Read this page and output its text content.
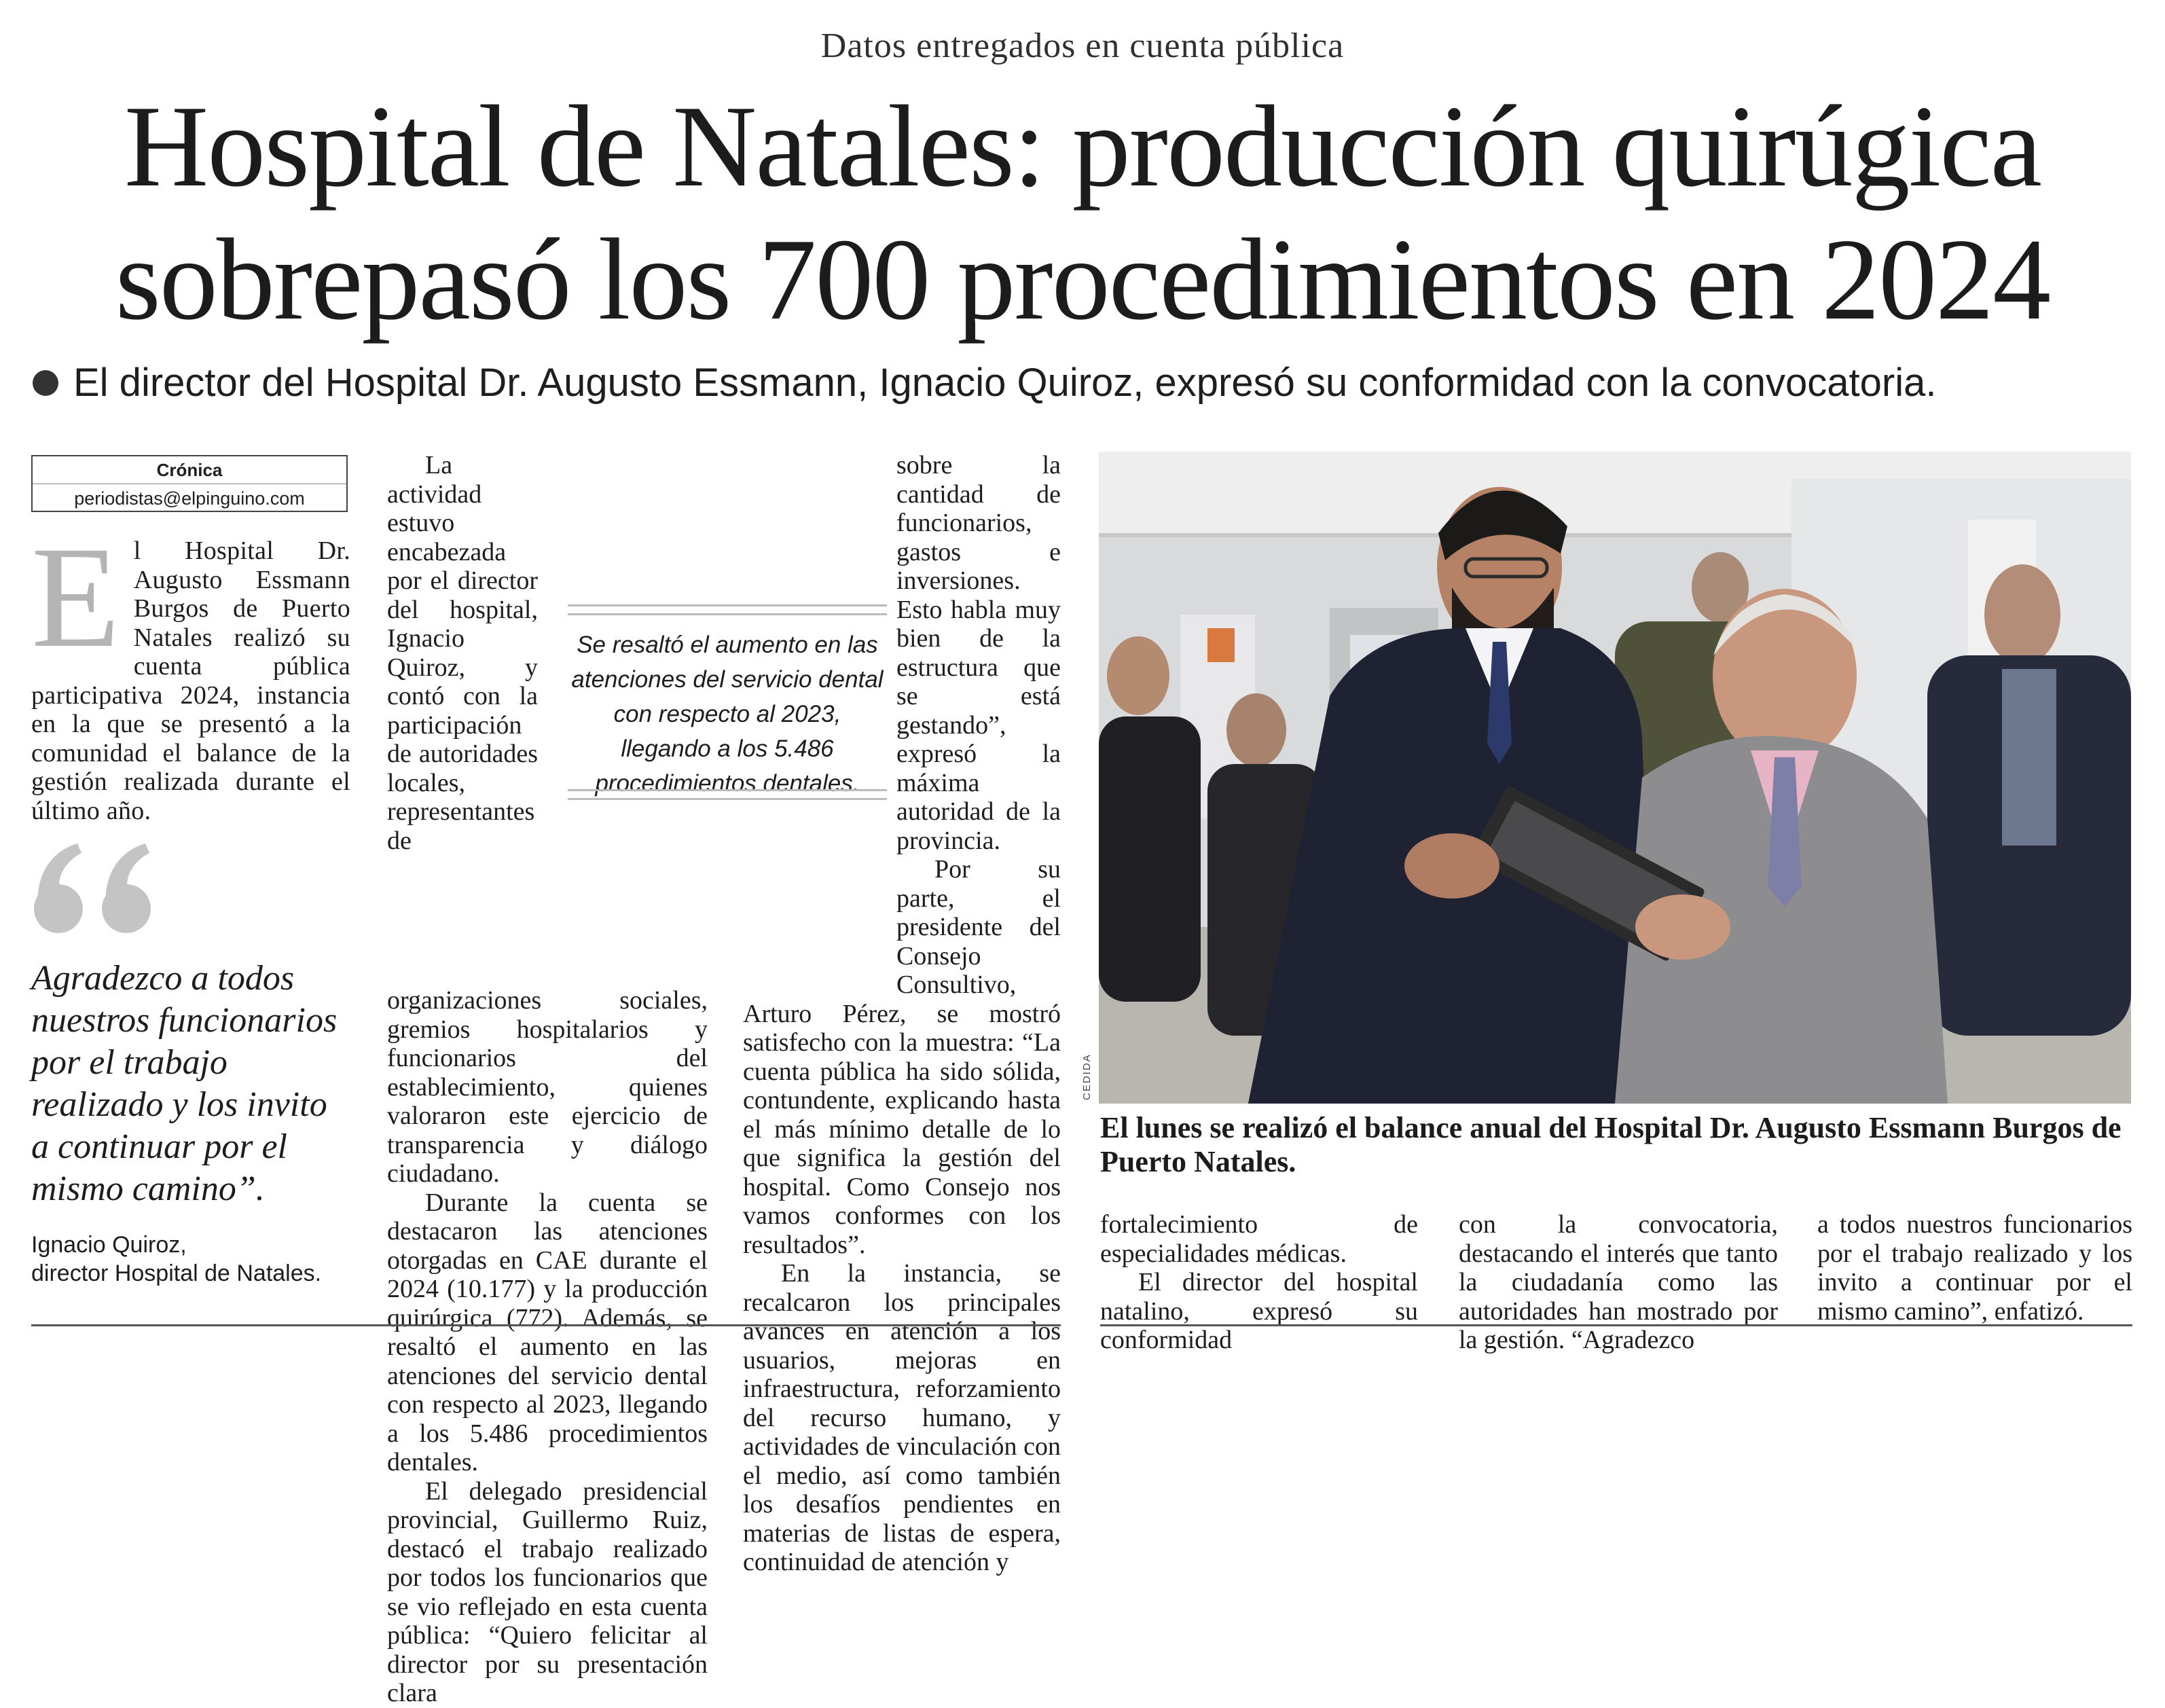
Datos entregados en cuenta pública
Hospital de Natales: producción quirúgica
sobrepasó los 700 procedimientos en 2024
El director del Hospital Dr. Augusto Essmann, Ignacio Quiroz, expresó su conformidad con la convocatoria.
Crónica
periodistas@elpinguino.com
E l Hospital Dr. Augusto Essmann Burgos de Puerto Natales realizó su cuenta pública participativa 2024, instancia en la que se presentó a la comunidad el balance de la gestión realizada durante el último año.

Agradezco a todos nuestros funcionarios por el trabajo realizado y los invito a continuar por el mismo camino”.
Ignacio Quiroz,
director Hospital de Natales.

La actividad estuvo encabezada por el director del hospital, Ignacio Quiroz, y contó con la participación de autoridades locales, representantes de organizaciones sociales, gremios hospitalarios y funcionarios del establecimiento, quienes valoraron este ejercicio de transparencia y diálogo ciudadano.

Durante la cuenta se destacaron las atenciones otorgadas en CAE durante el 2024 (10.177) y la producción quirúrgica (772). Además, se resaltó el aumento en las atenciones del servicio dental con respecto al 2023, llegando a los 5.486 procedimientos dentales.

El delegado presidencial provincial, Guillermo Ruiz, destacó el trabajo realizado por todos los funcionarios que se vio reflejado en esta cuenta pública: “Quiero felicitar al director por su presentación clara

sobre la cantidad de funcionarios, gastos e inversiones. Esto habla muy bien de la estructura que se está gestando”, expresó la máxima autoridad de la provincia.

Por su parte, el presidente del Consejo Consultivo, Arturo Pérez, se mostró satisfecho con la muestra: “La cuenta pública ha sido sólida, contundente, explicando hasta el más mínimo detalle de lo que significa la gestión del hospital. Como Consejo nos vamos conformes con los resultados”.

En la instancia, se recalcaron los principales avances en atención a los usuarios, mejoras en infraestructura, reforzamiento del recurso humano, y actividades de vinculación con el medio, así como también los desafíos pendientes en materias de listas de espera, continuidad de atención y

Se resaltó el aumento en las atenciones del servicio dental con respecto al 2023, llegando a los 5.486 procedimientos dentales.
CEDIDA
El lunes se realizó el balance anual del Hospital Dr. Augusto Essmann Burgos de Puerto Natales.

fortalecimiento de especialidades médicas.

El director del hospital natalino, expresó su conformidad

con la convocatoria, destacando el interés que tanto la ciudadanía como las autoridades han mostrado por la gestión. “Agradezco

a todos nuestros funcionarios por el trabajo realizado y los invito a continuar por el mismo camino”, enfatizó.
